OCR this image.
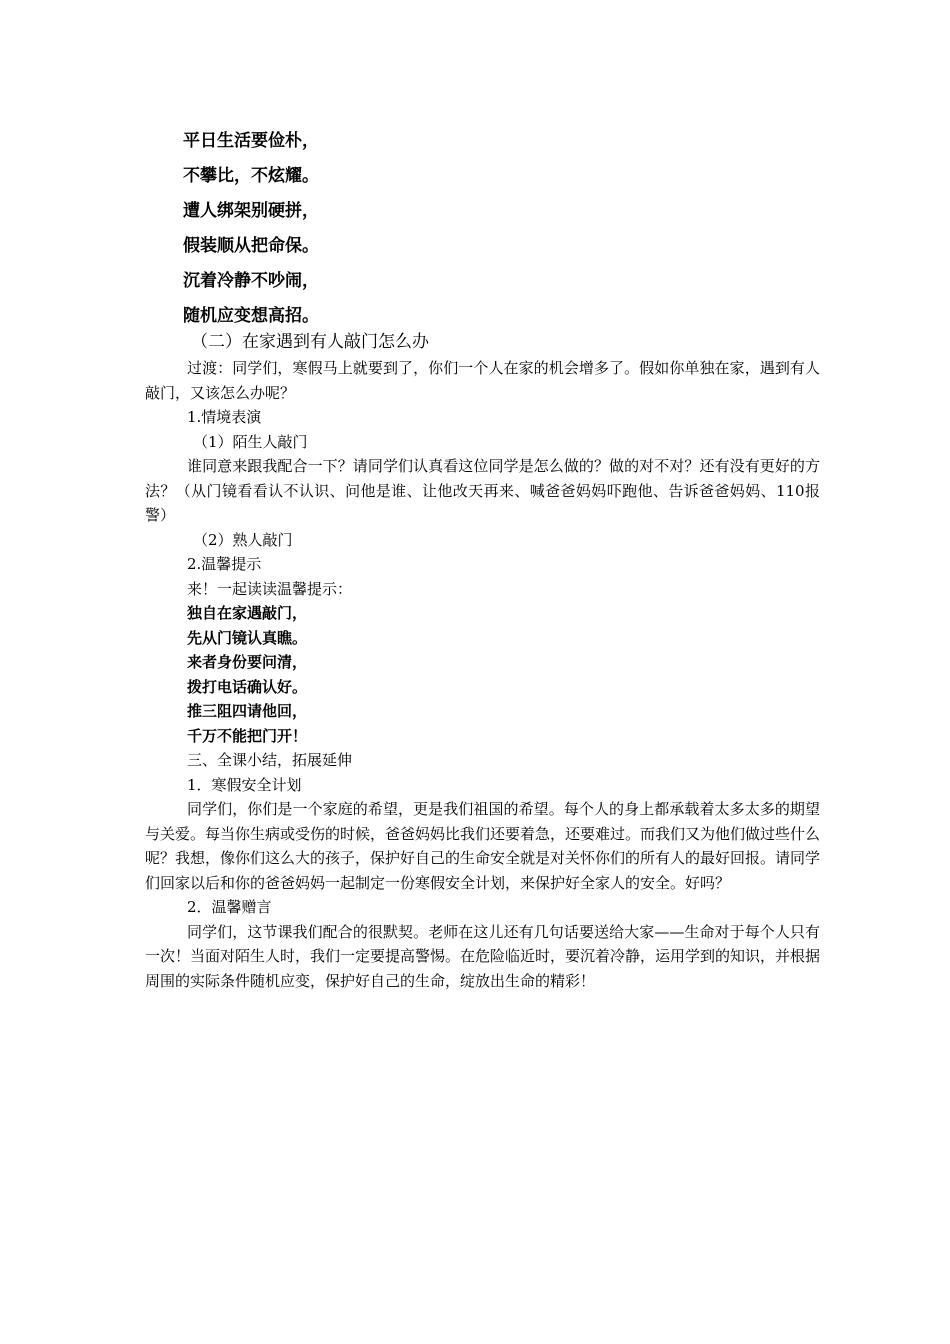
平日生活要俭朴，
不攀比，不炫耀。
遭人绑架别硬拼，
假装顺从把命保。
沉着冷静不吵闹，
随机应变想高招。
（二）在家遇到有人敲门怎么办

过渡：同学们，寒假马上就要到了，你们一个人在家的机会增多了。假如你单独在家，遇到有人敲门，又该怎么办呢？

1.情境表演
（1）陌生人敲门

谁同意来跟我配合一下？请同学们认真看这位同学是怎么做的？做的对不对？还有没有更好的方法？（从门镜看看认不认识、问他是谁、让他改天再来、喊爸爸妈妈吓跑他、告诉爸爸妈妈、110报警）

（2）熟人敲门
2.温馨提示
来！一起读读温馨提示：
独自在家遇敲门，
先从门镜认真瞧。
来者身份要问清，
拨打电话确认好。
推三阻四请他回，
千万不能把门开！
三、全课小结，拓展延伸
1．寒假安全计划

同学们，你们是一个家庭的希望，更是我们祖国的希望。每个人的身上都承载着太多太多的期望与关爱。每当你生病或受伤的时候，爸爸妈妈比我们还要着急，还要难过。而我们又为他们做过些什么呢？我想，像你们这么大的孩子，保护好自己的生命安全就是对关怀你们的所有人的最好回报。请同学们回家以后和你的爸爸妈妈一起制定一份寒假安全计划，来保护好全家人的安全。好吗？

2．温馨赠言

同学们，这节课我们配合的很默契。老师在这儿还有几句话要送给大家——生命对于每个人只有一次！当面对陌生人时，我们一定要提高警惕。在危险临近时，要沉着冷静，运用学到的知识，并根据周围的实际条件随机应变，保护好自己的生命，绽放出生命的精彩！
